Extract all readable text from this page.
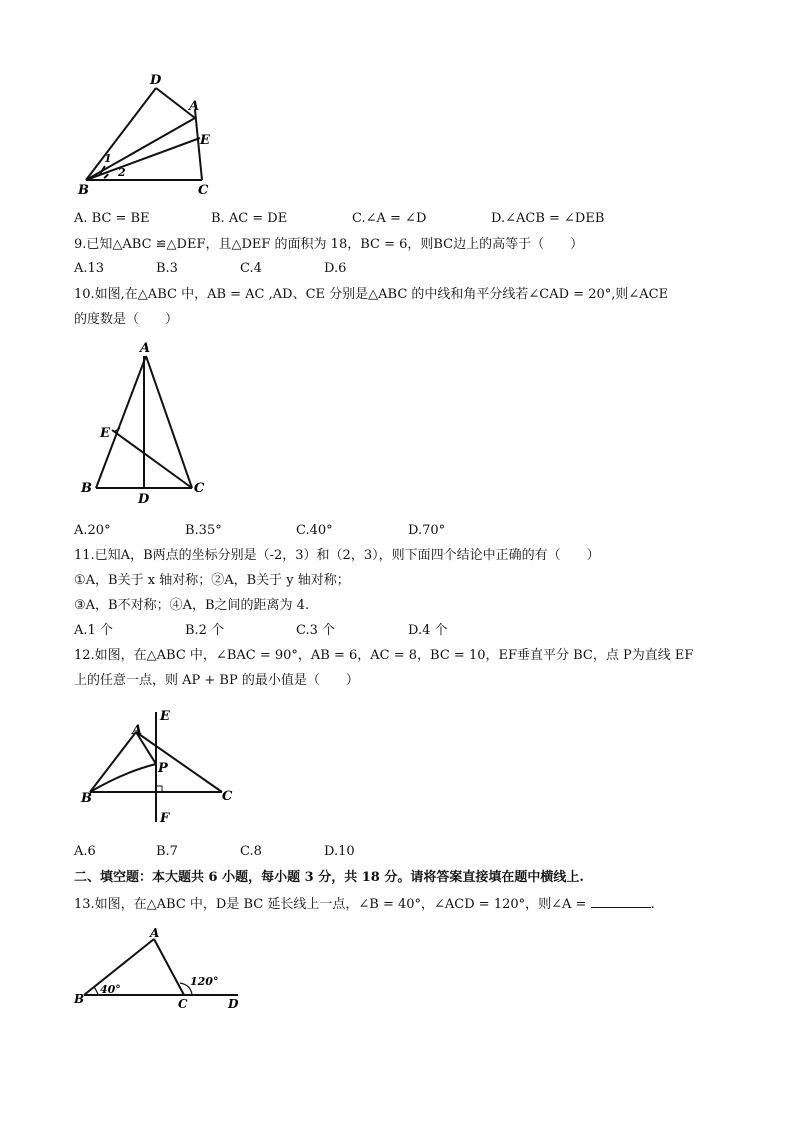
D
A
E
B	C
1
2
A. BC = BE	B. AC = DE	C.∠A = ∠D	D.∠ACB = ∠DEB
9.已知△ABC ≌△DEF，且△DEF 的面积为 18，BC = 6，则BC边上的高等于（　　）
A.13	B.3	C.4	D.6
10.如图,在△ABC 中，AB = AC ,AD、CE 分别是△ABC 的中线和角平分线若∠CAD = 20°,则∠ACE
的度数是（　　）
A
E
B
D
C
A.20°	B.35°	C.40°	D.70°
11.已知A，B两点的坐标分别是（-2，3）和（2，3），则下面四个结论中正确的有（　　）
①A，B关于 x 轴对称；②A，B关于 y 轴对称；
③A，B不对称；④A，B之间的距离为 4.
A.1 个	B.2 个	C.3 个	D.4 个
12.如图，在△ABC 中，∠BAC = 90°，AB = 6，AC = 8，BC = 10，EF垂直平分 BC，点 P为直线 EF
上的任意一点，则 AP + BP 的最小值是（　　）
E
A
P
B	C
F
A.6	B.7	C.8	D.10
二、填空题：本大题共 6 小题，每小题 3 分，共 18 分。请将答案直接填在题中横线上.
13.如图，在△ABC 中，D是 BC 延长线上一点，∠B = 40°，∠ACD = 120°，则∠A =	.
A
B	C	D
40°
120°
